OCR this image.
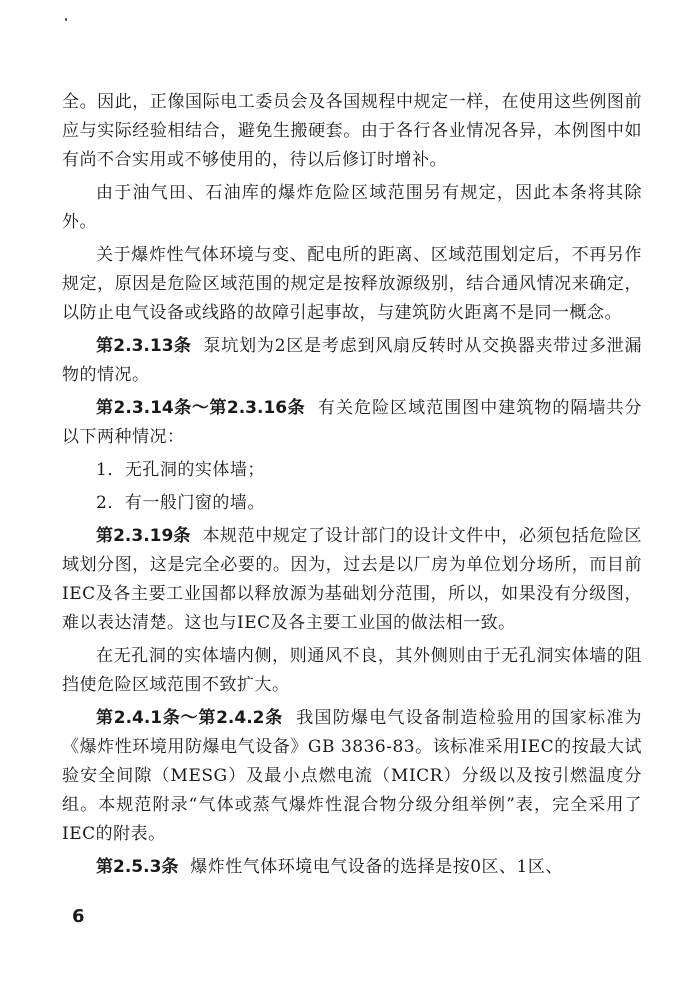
全。因此，正像国际电工委员会及各国规程中规定一样，在使用这些例图前应与实际经验相结合，避免生搬硬套。由于各行各业情况各异，本例图中如有尚不合实用或不够使用的，待以后修订时增补。

由于油气田、石油库的爆炸危险区域范围另有规定，因此本条将其除外。

关于爆炸性气体环境与变、配电所的距离、区域范围划定后，不再另作规定，原因是危险区域范围的规定是按释放源级别，结合通风情况来确定，以防止电气设备或线路的故障引起事故，与建筑防火距离不是同一概念。

第2.3.13条 泵坑划为2区是考虑到风扇反转时从交换器夹带过多泄漏物的情况。

第2.3.14条～第2.3.16条 有关危险区域范围图中建筑物的隔墙共分以下两种情况：

1．无孔洞的实体墙；

2．有一般门窗的墙。

第2.3.19条 本规范中规定了设计部门的设计文件中，必须包括危险区域划分图，这是完全必要的。因为，过去是以厂房为单位划分场所，而目前IEC及各主要工业国都以释放源为基础划分范围，所以，如果没有分级图，难以表达清楚。这也与IEC及各主要工业国的做法相一致。

在无孔洞的实体墙内侧，则通风不良，其外侧则由于无孔洞实体墙的阻挡使危险区域范围不致扩大。

第2.4.1条～第2.4.2条 我国防爆电气设备制造检验用的国家标准为《爆炸性环境用防爆电气设备》GB 3836-83。该标准采用IEC的按最大试验安全间隙（MESG）及最小点燃电流（MICR）分级以及按引燃温度分组。本规范附录“气体或蒸气爆炸性混合物分级分组举例”表，完全采用了IEC的附表。

第2.5.3条 爆炸性气体环境电气设备的选择是按0区、1区、

6
